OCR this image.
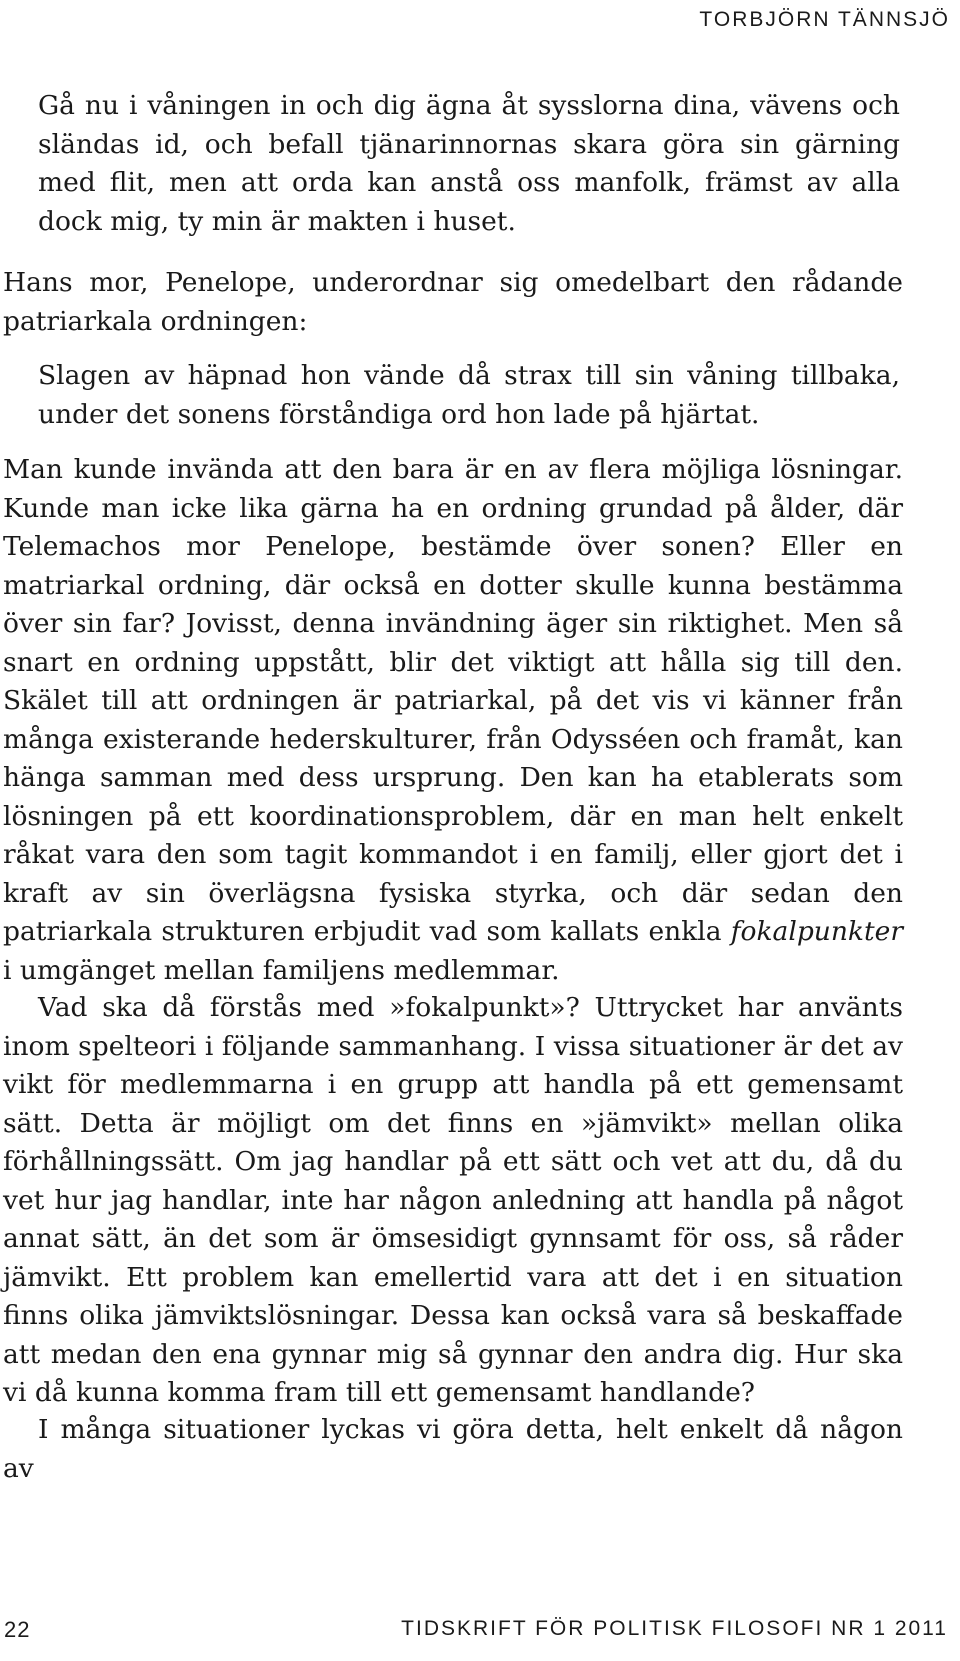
TORBJÖRN TÄNNSJÖ

Gå nu i våningen in och dig ägna åt sysslorna dina, vävens och sländas id, och befall tjänarinnornas skara göra sin gärning med flit, men att orda kan anstå oss manfolk, främst av alla dock mig, ty min är makten i huset.

Hans mor, Penelope, underordnar sig omedelbart den rådande patriarkala ordningen:

Slagen av häpnad hon vände då strax till sin våning tillbaka, under det sonens förståndiga ord hon lade på hjärtat.

Man kunde invända att den bara är en av flera möjliga lösningar. Kunde man icke lika gärna ha en ordning grundad på ålder, där Telemachos mor Penelope, bestämde över sonen? Eller en matriarkal ordning, där också en dotter skulle kunna bestämma över sin far? Jovisst, denna invändning äger sin riktighet. Men så snart en ordning uppstått, blir det viktigt att hålla sig till den. Skälet till att ordningen är patriarkal, på det vis vi känner från många existerande hederskulturer, från Odysséen och framåt, kan hänga samman med dess ursprung. Den kan ha etablerats som lösningen på ett koordinationsproblem, där en man helt enkelt råkat vara den som tagit kommandot i en familj, eller gjort det i kraft av sin överlägsna fysiska styrka, och där sedan den patriarkala strukturen erbjudit vad som kallats enkla fokalpunkter i umgänget mellan familjens medlemmar.

Vad ska då förstås med »fokalpunkt»? Uttrycket har använts inom spelteori i följande sammanhang. I vissa situationer är det av vikt för medlemmarna i en grupp att handla på ett gemensamt sätt. Detta är möjligt om det finns en »jämvikt» mellan olika förhållningssätt. Om jag handlar på ett sätt och vet att du, då du vet hur jag handlar, inte har någon anledning att handla på något annat sätt, än det som är ömsesidigt gynnsamt för oss, så råder jämvikt. Ett problem kan emellertid vara att det i en situation finns olika jämviktslösningar. Dessa kan också vara så beskaffade att medan den ena gynnar mig så gynnar den andra dig. Hur ska vi då kunna komma fram till ett gemensamt handlande?

I många situationer lyckas vi göra detta, helt enkelt då någon av

22	TIDSKRIFT FÖR POLITISK FILOSOFI NR 1 2011
